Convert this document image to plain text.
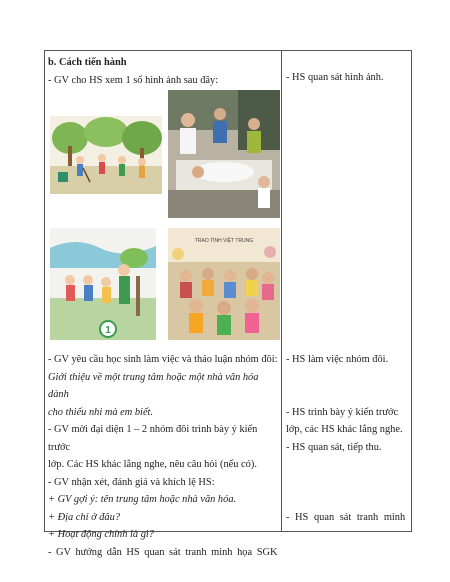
b. Cách tiến hành

- GV cho HS xem 1 số hình ảnh sau đây:

1
TRAO TÌNH VIỆT TRUNG

- GV yêu cầu học sinh làm việc và thảo luận nhóm đôi:

Giới thiệu về một trung tâm hoặc một nhà văn hóa dành

cho thiếu nhi mà em biết.

- GV mời đại diện 1 – 2 nhóm đôi trình bày ý kiến trước

lớp. Các HS khác lắng nghe, nêu câu hỏi (nếu có).

- GV nhận xét, đánh giá và khích lệ HS:

+ GV gợi ý: tên trung tâm hoặc nhà văn hóa.

+ Địa chỉ ở đâu?

+ Hoạt động chính là gì?

- GV hướng dẫn HS quan sát tranh minh họa SGK

- HS quan sát hình ảnh.

- HS làm việc nhóm đôi.

- HS trình bày ý kiến trước

lớp, các HS khác lắng nghe.

- HS quan sát, tiếp thu.

- HS quan sát tranh minh
